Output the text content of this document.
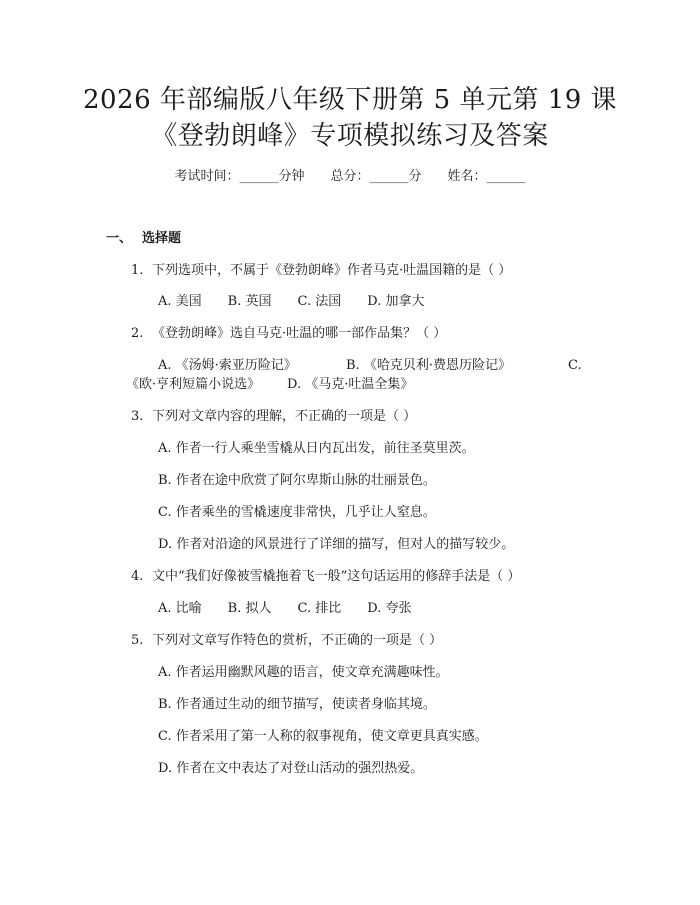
2026 年部编版八年级下册第 5 单元第 19 课
《登勃朗峰》专项模拟练习及答案
考试时间：______分钟 总分：______分 姓名：______
一、 选择题
1. 下列选项中，不属于《登勃朗峰》作者马克·吐温国籍的是（ ）
A. 美国 B. 英国 C. 法国 D. 加拿大
2. 《登勃朗峰》选自马克·吐温的哪一部作品集？（ ）
A. 《汤姆·索亚历险记》	B. 《哈克贝利·费恩历险记》	C.
《欧·亨利短篇小说选》 D. 《马克·吐温全集》
3. 下列对文章内容的理解，不正确的一项是（ ）
A. 作者一行人乘坐雪橇从日内瓦出发，前往圣莫里茨。
B. 作者在途中欣赏了阿尔卑斯山脉的壮丽景色。
C. 作者乘坐的雪橇速度非常快，几乎让人窒息。
D. 作者对沿途的风景进行了详细的描写，但对人的描写较少。
4. 文中“我们好像被雪橇拖着飞一般”这句话运用的修辞手法是（ ）
A. 比喻 B. 拟人 C. 排比 D. 夸张
5. 下列对文章写作特色的赏析，不正确的一项是（ ）
A. 作者运用幽默风趣的语言，使文章充满趣味性。
B. 作者通过生动的细节描写，使读者身临其境。
C. 作者采用了第一人称的叙事视角，使文章更具真实感。
D. 作者在文中表达了对登山活动的强烈热爱。
